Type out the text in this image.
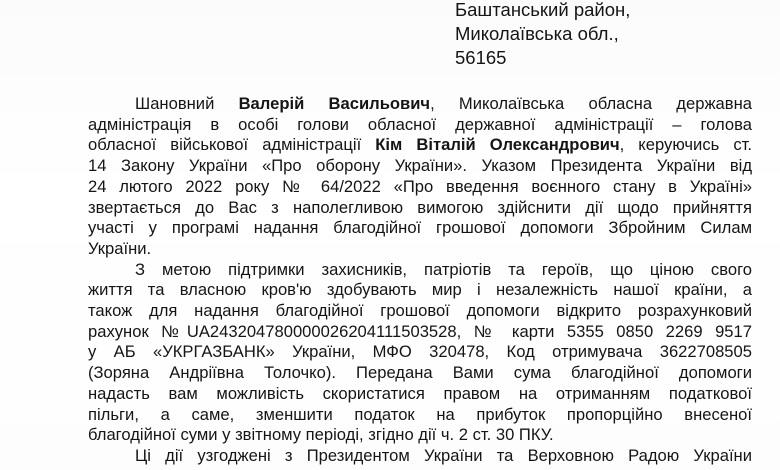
Баштанський район,
Миколаївська обл.,
56165
Шановний Валерій Васильович, Миколаївська обласна державна
адміністрація в особі голови обласної державної адміністрації – голова
обласної військової адміністрації Кім Віталій Олександрович, керуючись ст.
14 Закону України «Про оборону України». Указом Президента України від
24 лютого 2022 року № 64/2022 «Про введення воєнного стану в Україні»
звертається до Вас з наполегливою вимогою здійснити дії щодо прийняття
участі у програмі надання благодійної грошової допомоги Збройним Силам
України.
З метою підтримки захисників, патріотів та героїв, що ціною свого
життя та власною кров'ю здобувають мир і незалежність нашої країни, а
також для надання благодійної грошової допомоги відкрито розрахунковий
рахунок №UA243204780000026204111503528, № карти 5355 0850 2269 9517
у АБ «УКРГАЗБАНК» України, МФО 320478, Код отримувача 3622708505
(Зоряна Андріївна Толочко). Передана Вами сума благодійної допомоги
надасть вам можливість скористатися правом на отриманням податкової
пільги, а саме, зменшити податок на прибуток пропорційно внесеної
благодійної суми у звітному періоді, згідно дії ч. 2 ст. 30 ПКУ.
Ці дії узгоджені з Президентом України та Верховною Радою України
